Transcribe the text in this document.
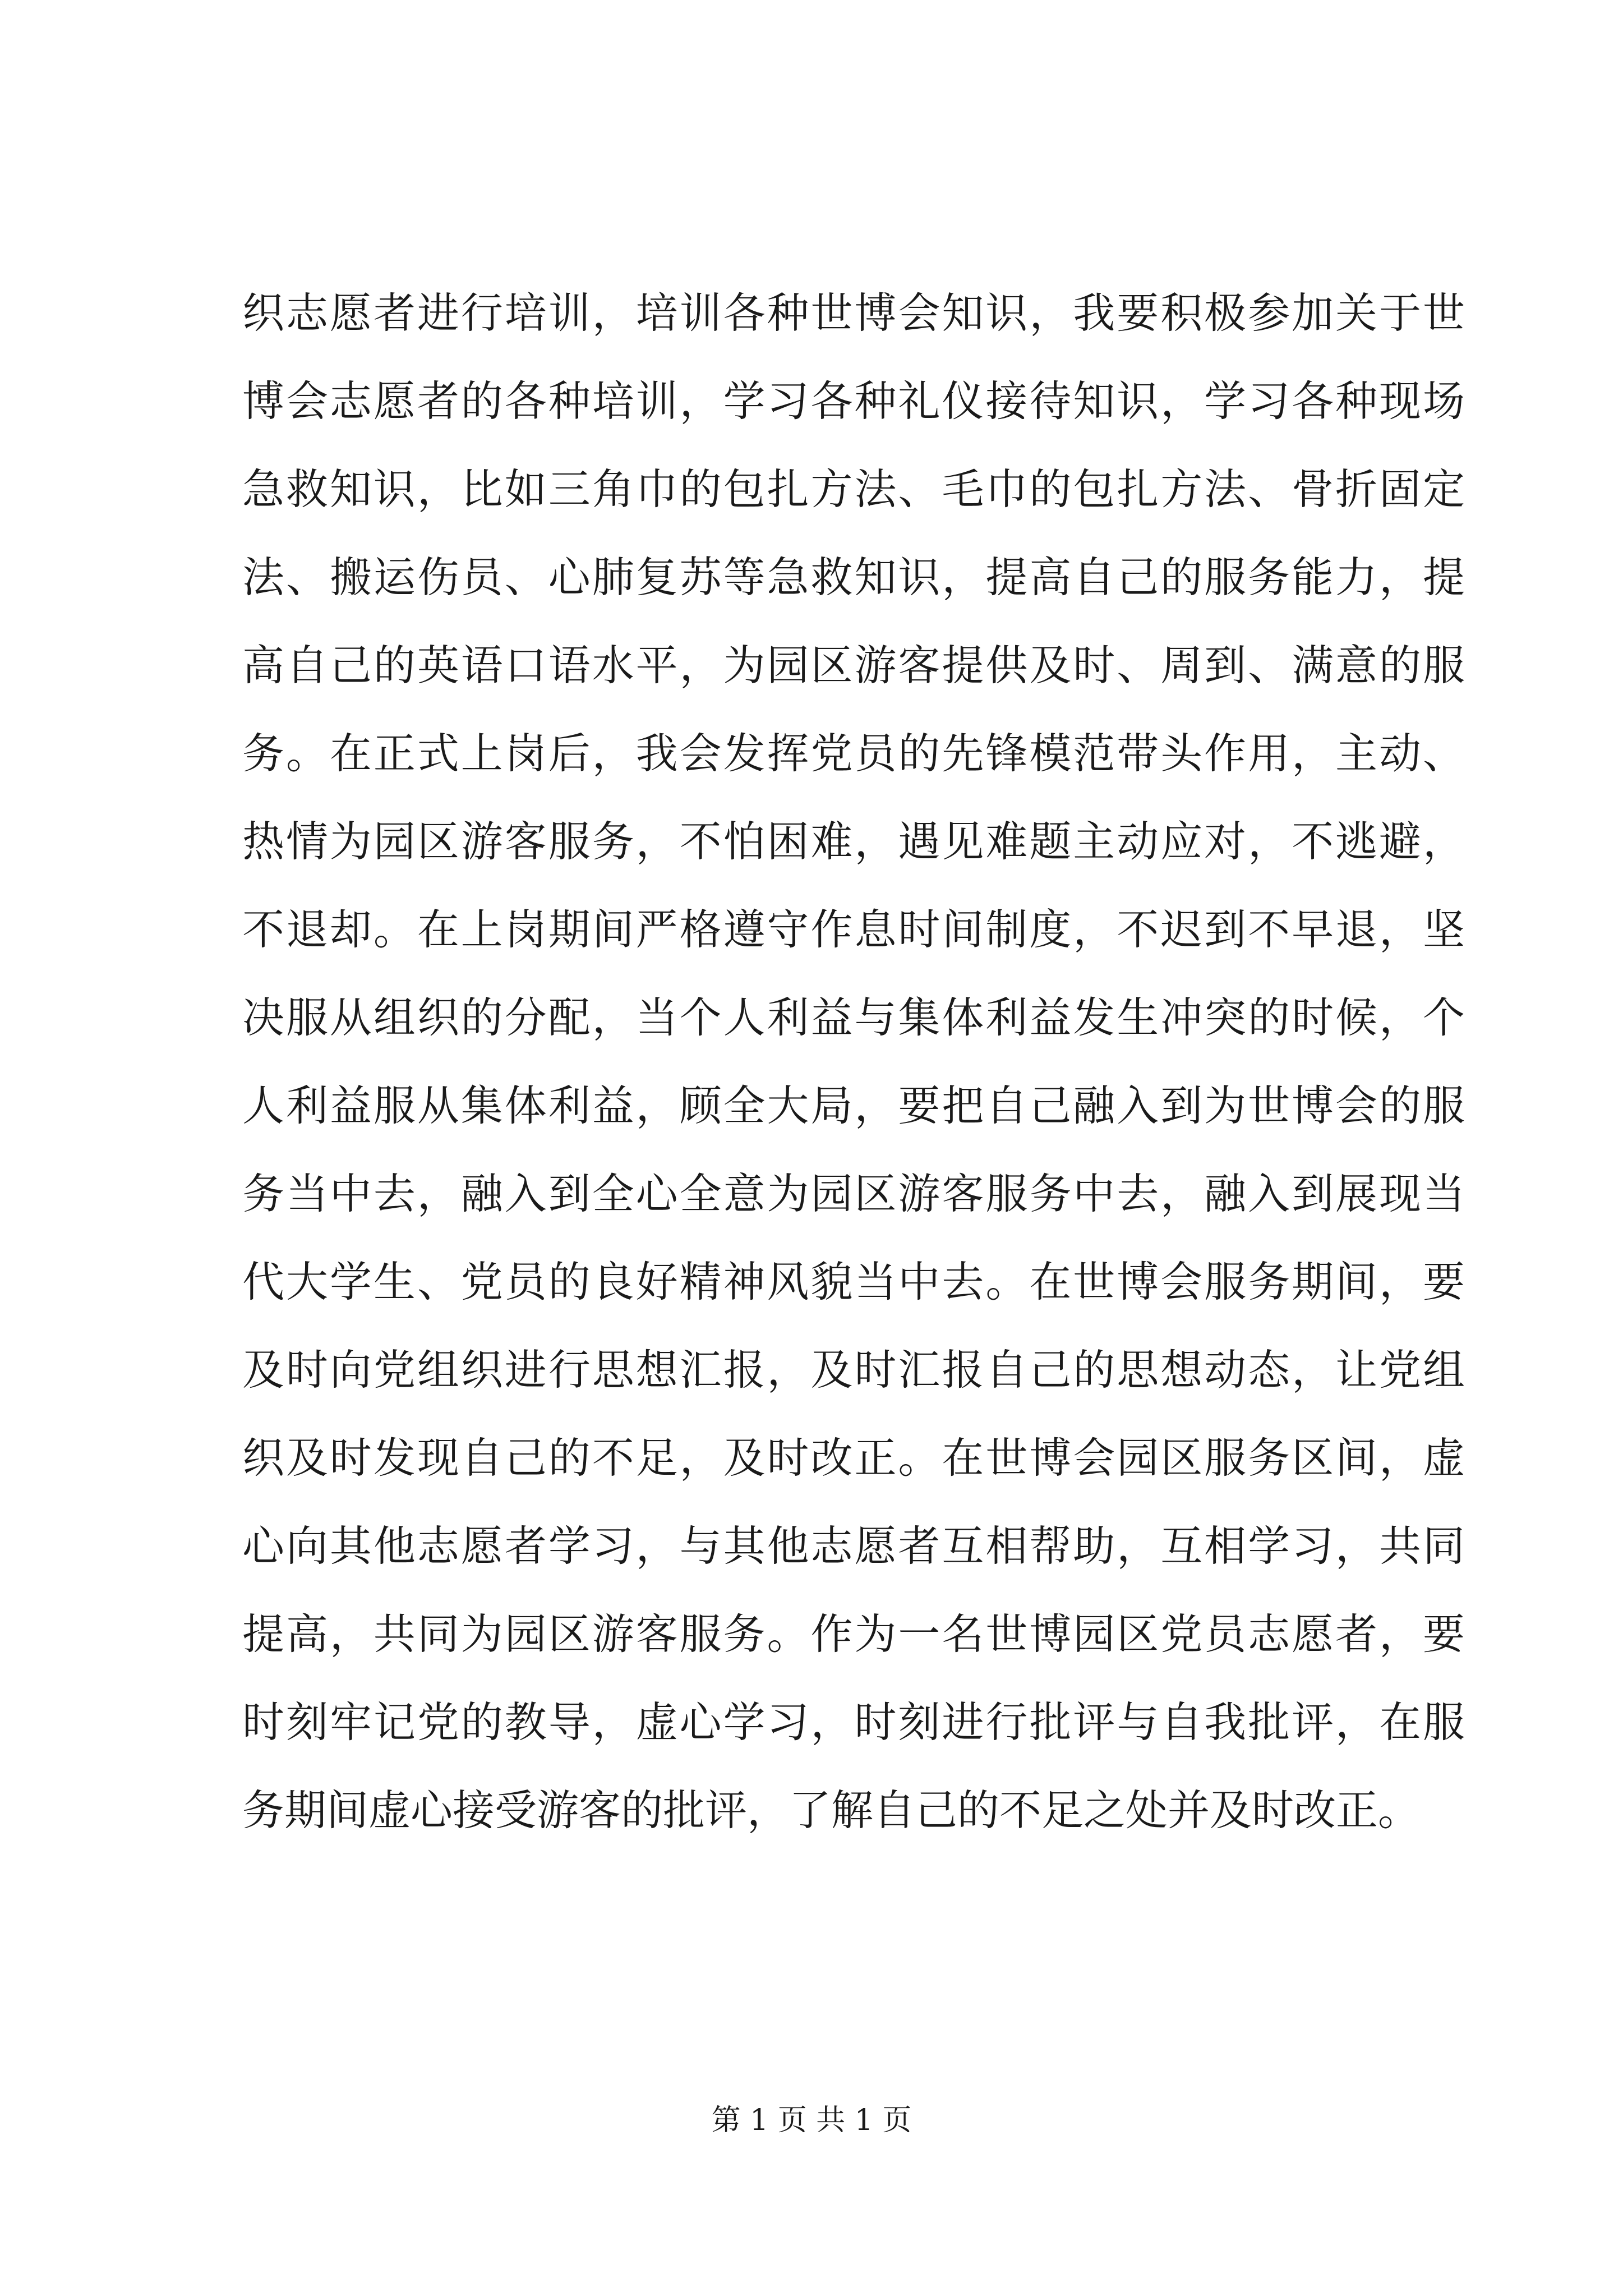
织志愿者进行培训，培训各种世博会知识，我要积极参加关于世
博会志愿者的各种培训，学习各种礼仪接待知识，学习各种现场
急救知识，比如三角巾的包扎方法、毛巾的包扎方法、骨折固定
法、搬运伤员、心肺复苏等急救知识，提高自己的服务能力，提
高自己的英语口语水平，为园区游客提供及时、周到、满意的服
务。在正式上岗后，我会发挥党员的先锋模范带头作用，主动、
热情为园区游客服务，不怕困难，遇见难题主动应对，不逃避，
不退却。在上岗期间严格遵守作息时间制度，不迟到不早退，坚
决服从组织的分配，当个人利益与集体利益发生冲突的时候，个
人利益服从集体利益，顾全大局，要把自己融入到为世博会的服
务当中去，融入到全心全意为园区游客服务中去，融入到展现当
代大学生、党员的良好精神风貌当中去。在世博会服务期间，要
及时向党组织进行思想汇报，及时汇报自己的思想动态，让党组
织及时发现自己的不足，及时改正。在世博会园区服务区间，虚
心向其他志愿者学习，与其他志愿者互相帮助，互相学习，共同
提高，共同为园区游客服务。作为一名世博园区党员志愿者，要
时刻牢记党的教导，虚心学习，时刻进行批评与自我批评，在服
务期间虚心接受游客的批评，了解自己的不足之处并及时改正。
第 1 页 共 1 页
